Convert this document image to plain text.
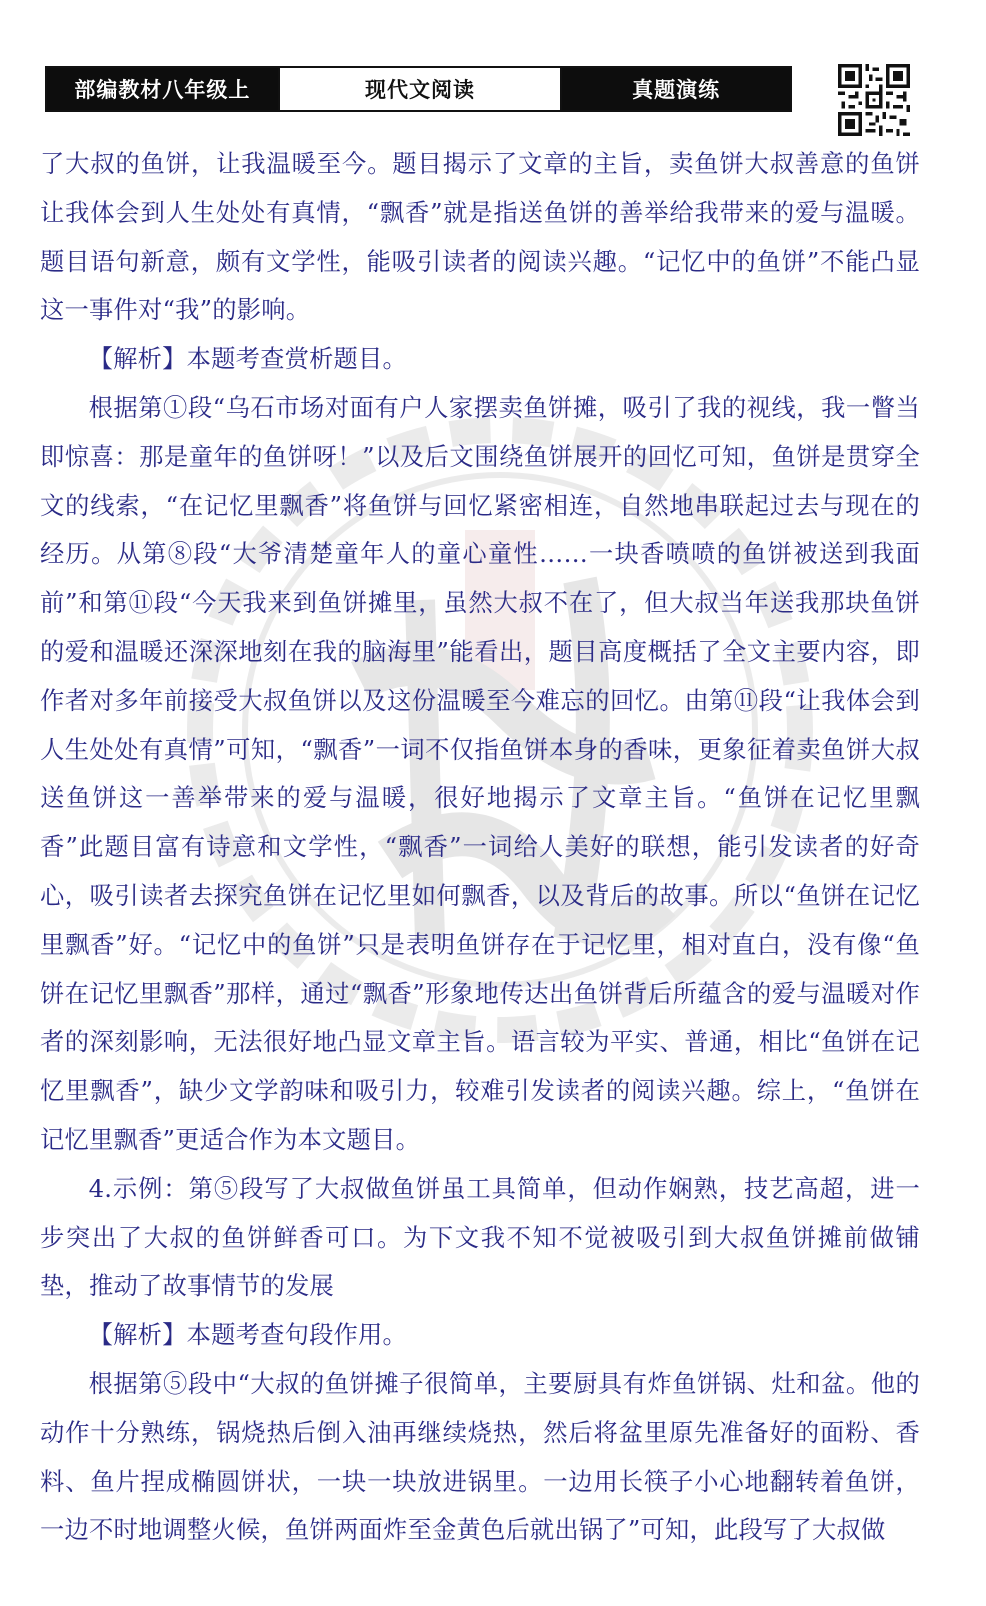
部编教材八年级上	现代文阅读	真题演练

了大叔的鱼饼，让我温暖至今。题目揭示了文章的主旨，卖鱼饼大叔善意的鱼饼让我体会到人生处处有真情，“飘香”就是指送鱼饼的善举给我带来的爱与温暖。题目语句新意，颇有文学性，能吸引读者的阅读兴趣。“记忆中的鱼饼”不能凸显这一事件对“我”的影响。

【解析】本题考查赏析题目。

根据第①段“乌石市场对面有户人家摆卖鱼饼摊，吸引了我的视线，我一瞥当即惊喜：那是童年的鱼饼呀！”以及后文围绕鱼饼展开的回忆可知，鱼饼是贯穿全文的线索，“在记忆里飘香”将鱼饼与回忆紧密相连，自然地串联起过去与现在的经历。从第⑧段“大爷清楚童年人的童心童性……一块香喷喷的鱼饼被送到我面前”和第⑪段“今天我来到鱼饼摊里，虽然大叔不在了，但大叔当年送我那块鱼饼的爱和温暖还深深地刻在我的脑海里”能看出，题目高度概括了全文主要内容，即作者对多年前接受大叔鱼饼以及这份温暖至今难忘的回忆。由第⑪段“让我体会到人生处处有真情”可知，“飘香”一词不仅指鱼饼本身的香味，更象征着卖鱼饼大叔送鱼饼这一善举带来的爱与温暖，很好地揭示了文章主旨。“鱼饼在记忆里飘香”此题目富有诗意和文学性，“飘香”一词给人美好的联想，能引发读者的好奇心，吸引读者去探究鱼饼在记忆里如何飘香，以及背后的故事。所以“鱼饼在记忆里飘香”好。“记忆中的鱼饼”只是表明鱼饼存在于记忆里，相对直白，没有像“鱼饼在记忆里飘香”那样，通过“飘香”形象地传达出鱼饼背后所蕴含的爱与温暖对作者的深刻影响，无法很好地凸显文章主旨。语言较为平实、普通，相比“鱼饼在记忆里飘香”，缺少文学韵味和吸引力，较难引发读者的阅读兴趣。综上，“鱼饼在记忆里飘香”更适合作为本文题目。

4.示例：第⑤段写了大叔做鱼饼虽工具简单，但动作娴熟，技艺高超，进一步突出了大叔的鱼饼鲜香可口。为下文我不知不觉被吸引到大叔鱼饼摊前做铺垫，推动了故事情节的发展

【解析】本题考查句段作用。

根据第⑤段中“大叔的鱼饼摊子很简单，主要厨具有炸鱼饼锅、灶和盆。他的动作十分熟练，锅烧热后倒入油再继续烧热，然后将盆里原先准备好的面粉、香料、鱼片捏成椭圆饼状，一块一块放进锅里。一边用长筷子小心地翻转着鱼饼，一边不时地调整火候，鱼饼两面炸至金黄色后就出锅了”可知，此段写了大叔做
